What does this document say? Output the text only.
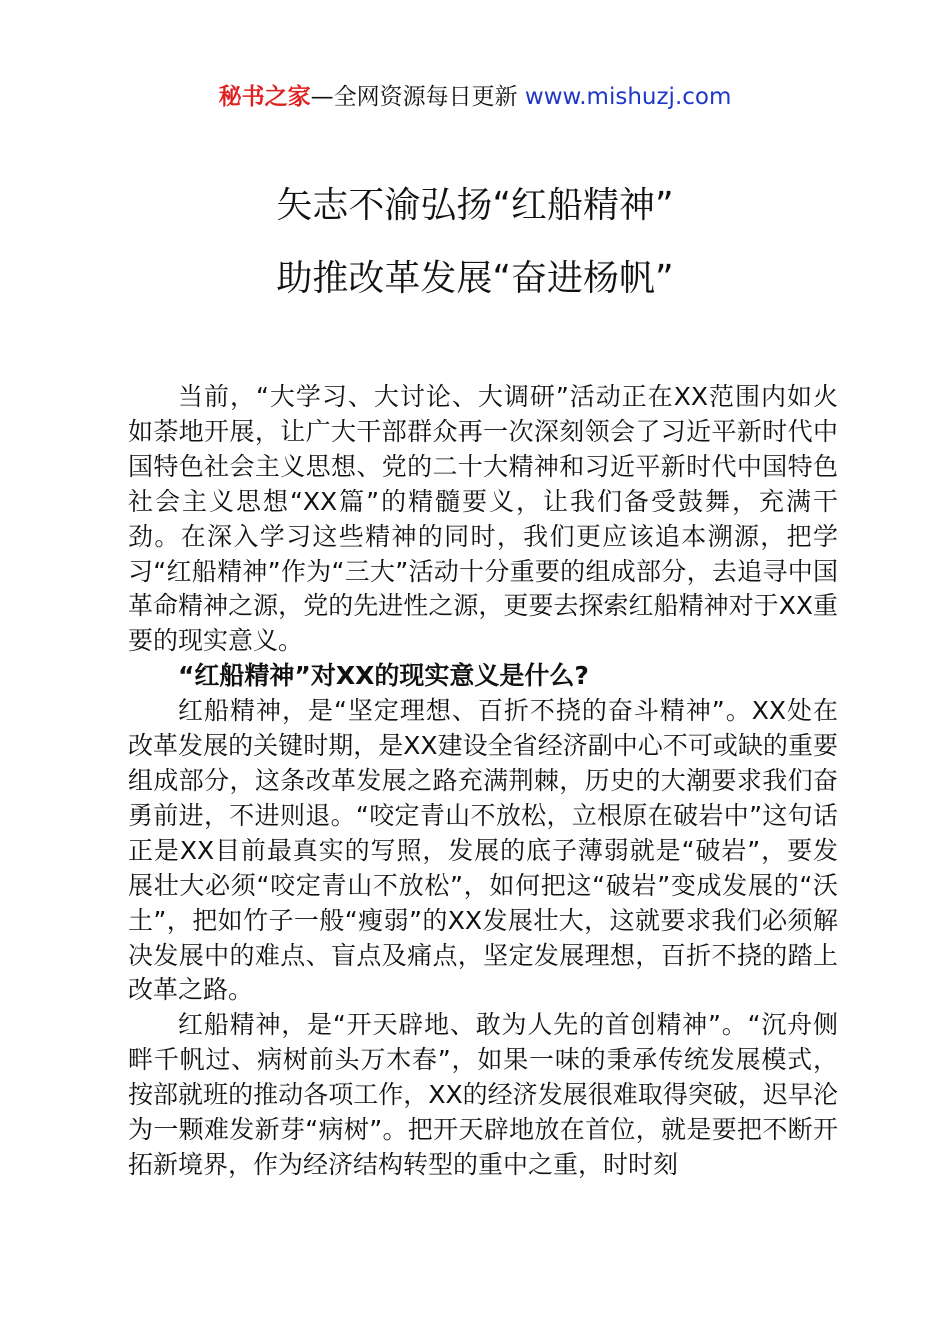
秘书之家—全网资源每日更新 www.mishuzj.com
矢志不渝弘扬“红船精神”
助推改革发展“奋进杨帆”

当前，“大学习、大讨论、大调研”活动正在XX范围内如火如荼地开展，让广大干部群众再一次深刻领会了习近平新时代中国特色社会主义思想、党的二十大精神和习近平新时代中国特色社会主义思想“XX篇”的精髓要义，让我们备受鼓舞，充满干劲。在深入学习这些精神的同时，我们更应该追本溯源，把学习“红船精神”作为“三大”活动十分重要的组成部分，去追寻中国革命精神之源，党的先进性之源，更要去探索红船精神对于XX重要的现实意义。

“红船精神”对XX的现实意义是什么?

红船精神，是“坚定理想、百折不挠的奋斗精神”。XX处在改革发展的关键时期，是XX建设全省经济副中心不可或缺的重要组成部分，这条改革发展之路充满荆棘，历史的大潮要求我们奋勇前进，不进则退。“咬定青山不放松，立根原在破岩中”这句话正是XX目前最真实的写照，发展的底子薄弱就是“破岩”，要发展壮大必须“咬定青山不放松”，如何把这“破岩”变成发展的“沃土”，把如竹子一般“瘦弱”的XX发展壮大，这就要求我们必须解决发展中的难点、盲点及痛点，坚定发展理想，百折不挠的踏上改革之路。

红船精神，是“开天辟地、敢为人先的首创精神”。“沉舟侧畔千帆过、病树前头万木春”，如果一味的秉承传统发展模式，按部就班的推动各项工作，XX的经济发展很难取得突破，迟早沦为一颗难发新芽“病树”。把开天辟地放在首位，就是要把不断开拓新境界，作为经济结构转型的重中之重，时时刻
